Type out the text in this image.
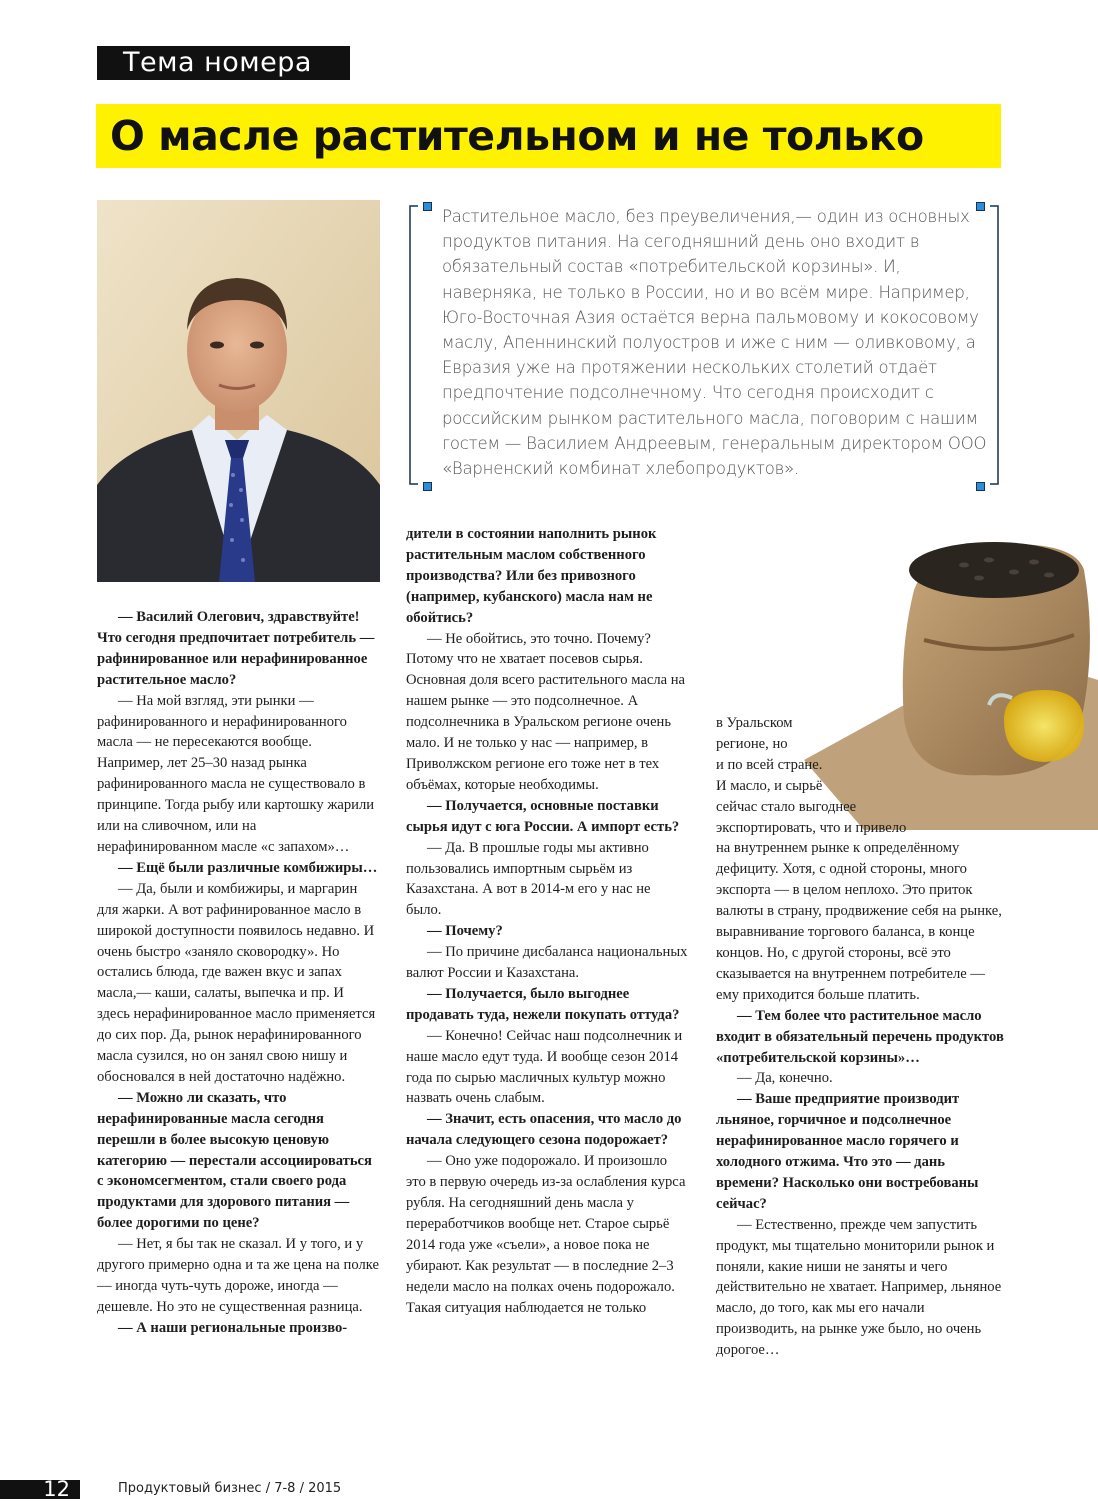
Тема номера
О масле растительном и не только
Растительное масло, без преувеличения,— один из основных продуктов питания. На сегодняшний день оно входит в обязательный состав «потребительской корзины». И, наверняка, не только в России, но и во всём мире. Например, Юго-Восточная Азия остаётся верна пальмовому и кокосовому маслу, Апеннинский полуостров и иже с ним — оливковому, а Евразия уже на протяжении нескольких столетий отдаёт предпочтение подсолнечному. Что сегодня происходит с российским рынком растительного масла, поговорим с нашим гостем — Василием Андреевым, генеральным директором ООО «Варненский комбинат хлебопродуктов».

— Василий Олегович, здравствуйте! Что сегодня предпочитает потребитель — рафинированное или нерафинированное растительное масло?

— На мой взгляд, эти рынки — рафинированного и нерафинированного масла — не пересекаются вообще. Например, лет 25–30 назад рынка рафинированного масла не существовало в принципе. Тогда рыбу или картошку жарили или на сливочном, или на нерафинированном масле «с запахом»…

— Ещё были различные комбижиры…

— Да, были и комбижиры, и маргарин для жарки. А вот рафинированное масло в широкой доступности появилось недавно. И очень быстро «заняло сковородку». Но остались блюда, где важен вкус и запах масла,— каши, салаты, выпечка и пр. И здесь нерафинированное масло применяется до сих пор. Да, рынок нерафинированного масла сузился, но он занял свою нишу и обосновался в ней достаточно надёжно.

— Можно ли сказать, что нерафинированные масла сегодня перешли в более высокую ценовую категорию — перестали ассоциироваться с экономсегментом, стали своего рода продуктами для здорового питания — более дорогими по цене?

— Нет, я бы так не сказал. И у того, и у другого примерно одна и та же цена на полке — иногда чуть-чуть дороже, иногда — дешевле. Но это не существенная разница.

— А наши региональные произво-

дители в состоянии наполнить рынок растительным маслом собственного производства? Или без привозного (например, кубанского) масла нам не обойтись?

— Не обойтись, это точно. Почему? Потому что не хватает посевов сырья. Основная доля всего растительного масла на нашем рынке — это подсолнечное. А подсолнечника в Уральском регионе очень мало. И не только у нас — например, в Приволжском регионе его тоже нет в тех объёмах, которые необходимы.

— Получается, основные поставки сырья идут с юга России. А импорт есть?

— Да. В прошлые годы мы активно пользовались импортным сырьём из Казахстана. А вот в 2014-м его у нас не было.

— Почему?

— По причине дисбаланса национальных валют России и Казахстана.

— Получается, было выгоднее продавать туда, нежели покупать оттуда?

— Конечно! Сейчас наш подсолнечник и наше масло едут туда. И вообще сезон 2014 года по сырью масличных культур можно назвать очень слабым.

— Значит, есть опасения, что масло до начала следующего сезона подорожает?

— Оно уже подорожало. И произошло это в первую очередь из-за ослабления курса рубля. На сегодняшний день масла у переработчиков вообще нет. Старое сырьё 2014 года уже «съели», а новое пока не убирают. Как результат — в последние 2–3 недели масло на полках очень подорожало. Такая ситуация наблюдается не только

в Уральском

регионе, но

и по всей стране.

И масло, и сырьё

сейчас стало выгоднее

экспортировать, что и привело

на внутреннем рынке к определённому дефициту. Хотя, с одной стороны, много экспорта — в целом неплохо. Это приток валюты в страну, продвижение себя на рынке, выравнивание торгового баланса, в конце концов. Но, с другой стороны, всё это сказывается на внутреннем потребителе — ему приходится больше платить.

— Тем более что растительное масло входит в обязательный перечень продуктов «потребительской корзины»…

— Да, конечно.

— Ваше предприятие производит льняное, горчичное и подсолнечное нерафинированное масло горячего и холодного отжима. Что это — дань времени? Насколько они востребованы сейчас?

— Естественно, прежде чем запустить продукт, мы тщательно мониторили рынок и поняли, какие ниши не заняты и чего действительно не хватает. Например, льняное масло, до того, как мы его начали производить, на рынке уже было, но очень дорогое…

12	Продуктовый бизнес / 7-8 / 2015
